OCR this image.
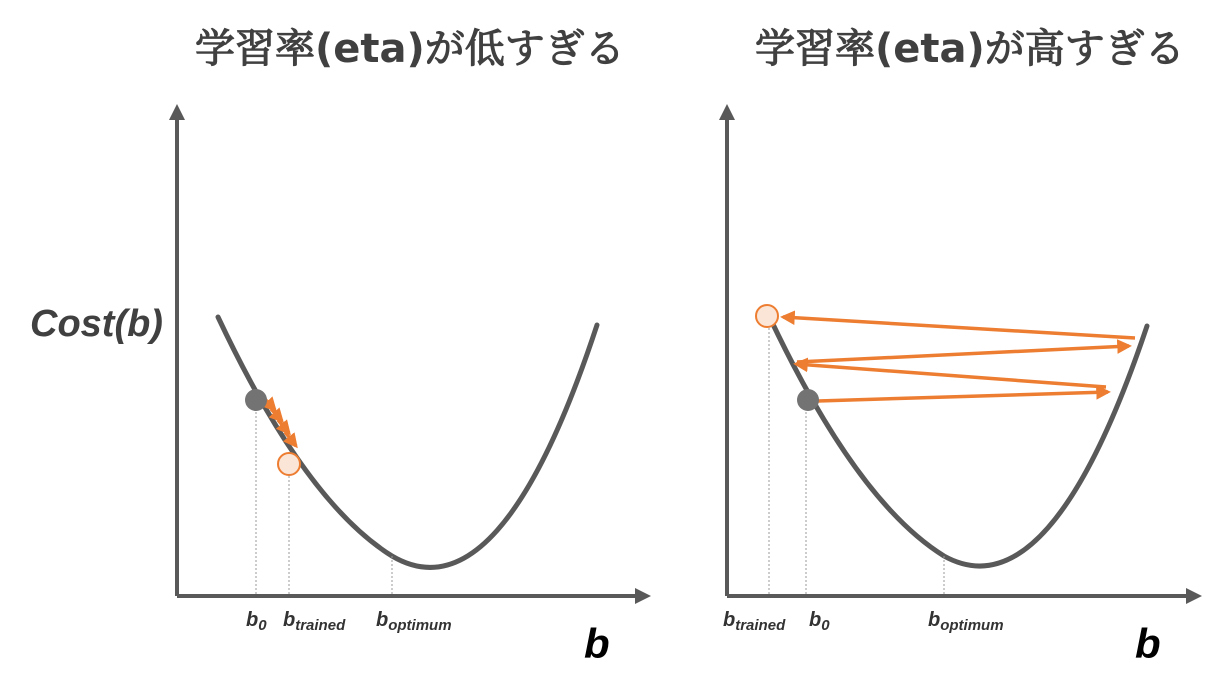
学習率(eta)が低すぎる	学習率(eta)が高すぎる
Cost(b)
$b_0$ $b_{trained}$ $b_{optimum}$	b	$b_{trained}$ $b_0$	$b_{optimum}$	b
